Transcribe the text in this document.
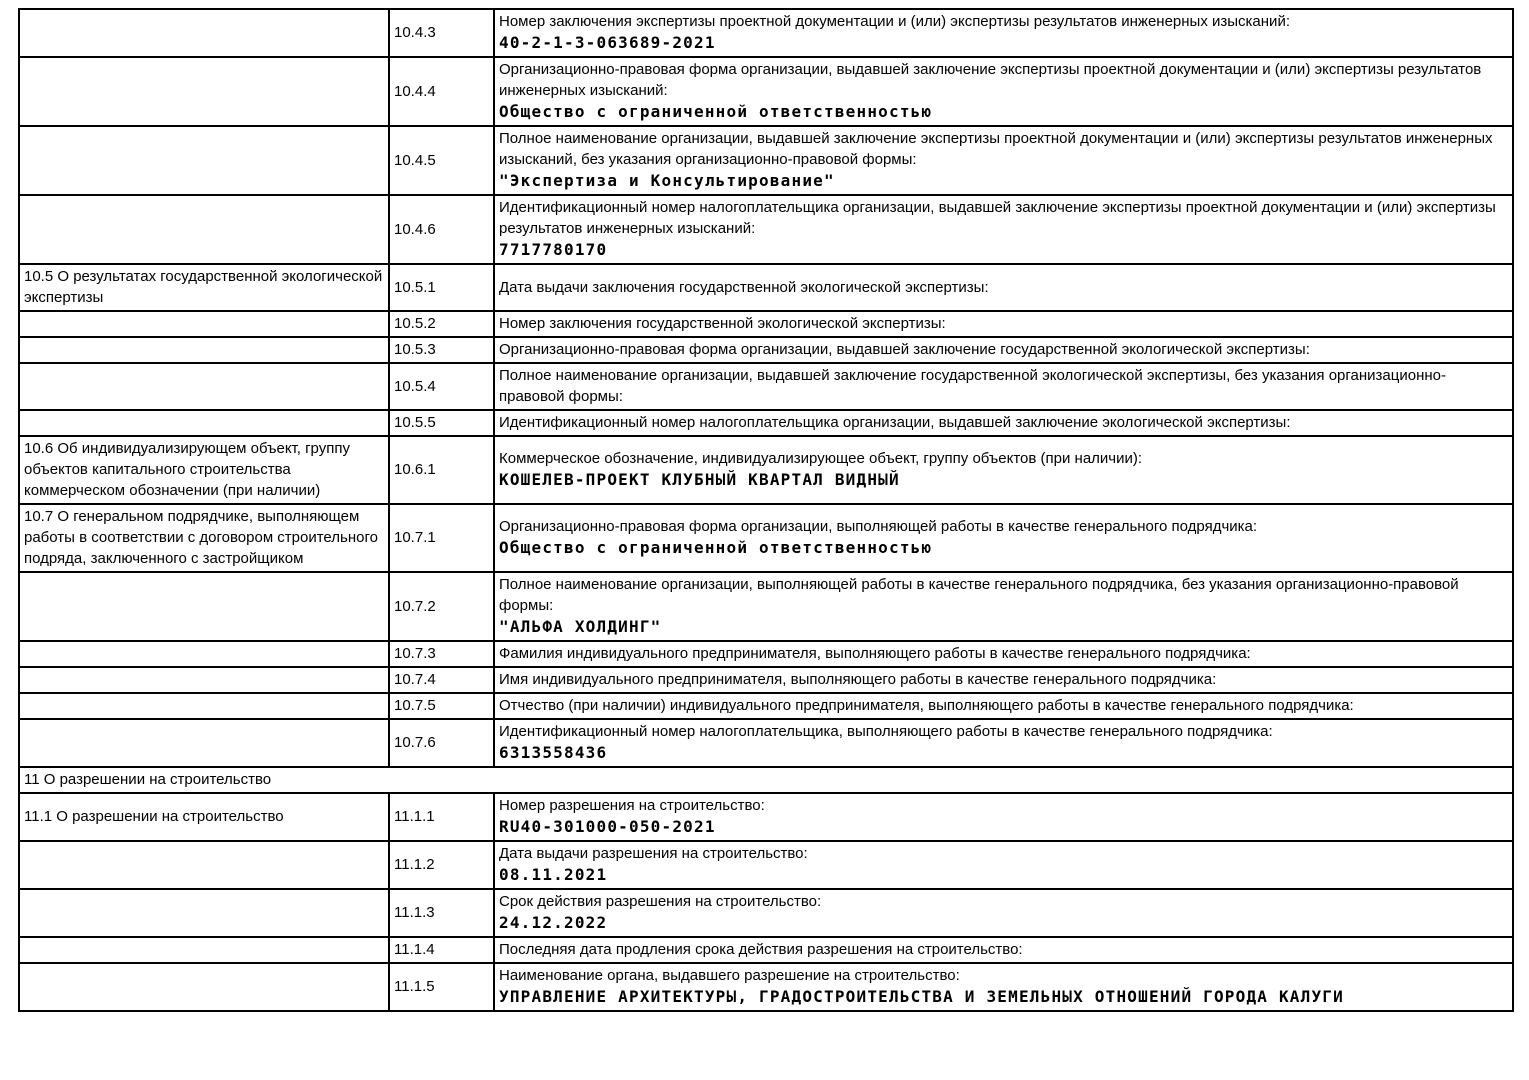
	10.4.3	Номер заключения экспертизы проектной документации и (или) экспертизы результатов инженерных изысканий:
40-2-1-3-063689-2021

	10.4.4	Организационно-правовая форма организации, выдавшей заключение экспертизы проектной документации и (или) экспертизы результатов инженерных изысканий:
Общество с ограниченной ответственностью

	10.4.5	Полное наименование организации, выдавшей заключение экспертизы проектной документации и (или) экспертизы результатов инженерных изысканий, без указания организационно-правовой формы:
"Экспертиза и Консультирование"

	10.4.6	Идентификационный номер налогоплательщика организации, выдавшей заключение экспертизы проектной документации и (или) экспертизы результатов инженерных изысканий:
7717780170

10.5 О результатах государственной экологической экспертизы	10.5.1	Дата выдачи заключения государственной экологической экспертизы:

	10.5.2	Номер заключения государственной экологической экспертизы:

	10.5.3	Организационно-правовая форма организации, выдавшей заключение государственной экологической экспертизы:

	10.5.4	Полное наименование организации, выдавшей заключение государственной экологической экспертизы, без указания организационно-правовой формы:

	10.5.5	Идентификационный номер налогоплательщика организации, выдавшей заключение экологической экспертизы:

10.6 Об индивидуализирующем объект, группу объектов капитального строительства коммерческом обозначении (при наличии)	10.6.1	Коммерческое обозначение, индивидуализирующее объект, группу объектов (при наличии):
КОШЕЛЕВ-ПРОЕКТ КЛУБНЫЙ КВАРТАЛ ВИДНЫЙ

10.7 О генеральном подрядчике, выполняющем работы в соответствии с договором строительного подряда, заключенного с застройщиком	10.7.1	Организационно-правовая форма организации, выполняющей работы в качестве генерального подрядчика:
Общество с ограниченной ответственностью

	10.7.2	Полное наименование организации, выполняющей работы в качестве генерального подрядчика, без указания организационно-правовой формы:
"АЛЬФА ХОЛДИНГ"

	10.7.3	Фамилия индивидуального предпринимателя, выполняющего работы в качестве генерального подрядчика:

	10.7.4	Имя индивидуального предпринимателя, выполняющего работы в качестве генерального подрядчика:

	10.7.5	Отчество (при наличии) индивидуального предпринимателя, выполняющего работы в качестве генерального подрядчика:

	10.7.6	Идентификационный номер налогоплательщика, выполняющего работы в качестве генерального подрядчика:
6313558436

11 О разрешении на строительство		
11.1 О разрешении на строительство	11.1.1	Номер разрешения на строительство:
RU40-301000-050-2021

	11.1.2	Дата выдачи разрешения на строительство:
08.11.2021

	11.1.3	Срок действия разрешения на строительство:
24.12.2022

	11.1.4	Последняя дата продления срока действия разрешения на строительство:

	11.1.5	Наименование органа, выдавшего разрешение на строительство:
УПРАВЛЕНИЕ АРХИТЕКТУРЫ, ГРАДОСТРОИТЕЛЬСТВА И ЗЕМЕЛЬНЫХ ОТНОШЕНИЙ ГОРОДА КАЛУГИ
